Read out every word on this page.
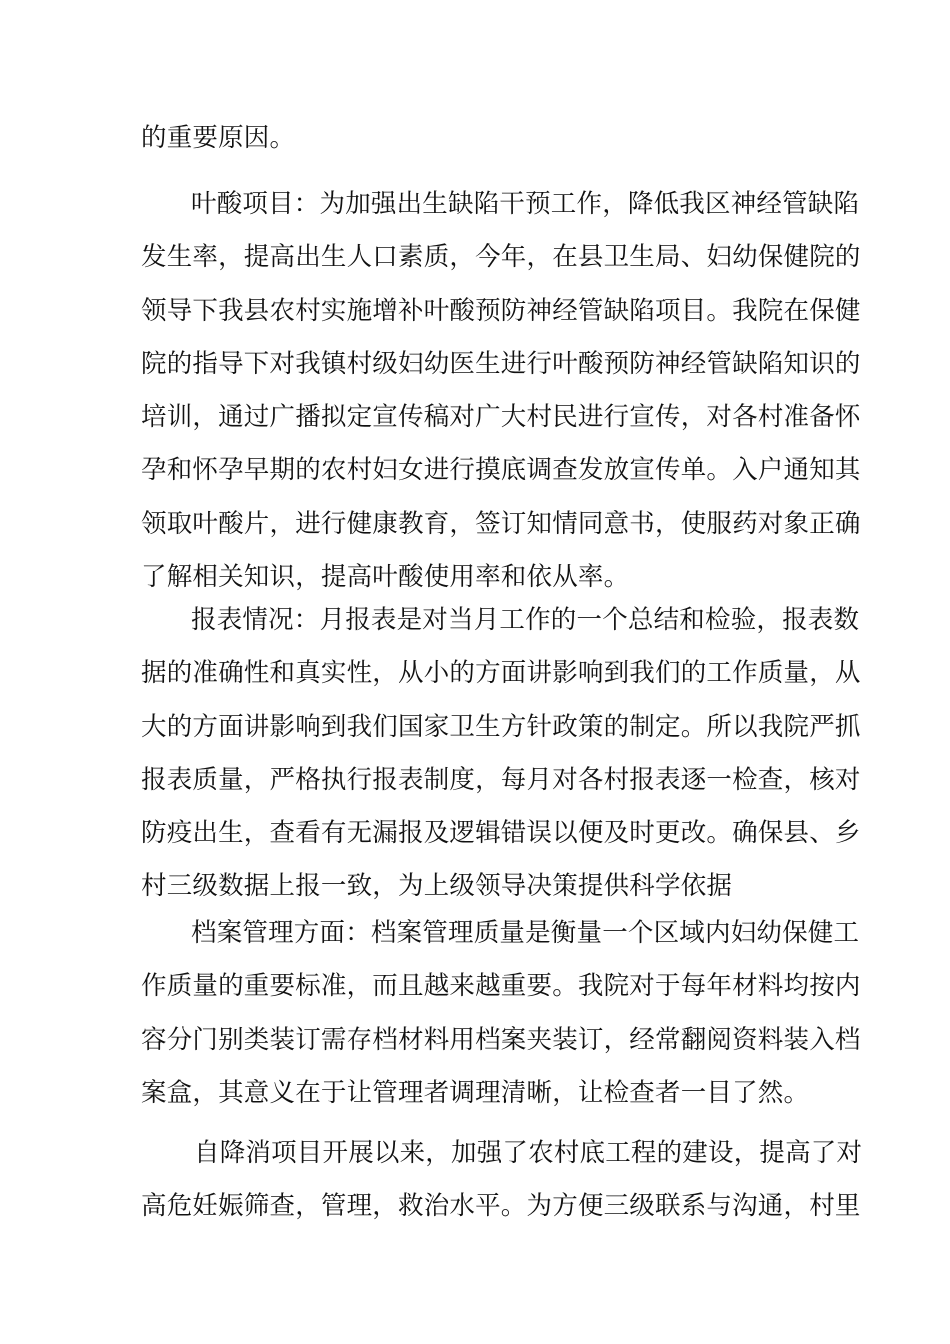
的重要原因。
叶酸项目：为加强出生缺陷干预工作，降低我区神经管缺陷
发生率，提高出生人口素质，今年，在县卫生局、妇幼保健院的
领导下我县农村实施增补叶酸预防神经管缺陷项目。我院在保健
院的指导下对我镇村级妇幼医生进行叶酸预防神经管缺陷知识的
培训，通过广播拟定宣传稿对广大村民进行宣传，对各村准备怀
孕和怀孕早期的农村妇女进行摸底调查发放宣传单。入户通知其
领取叶酸片，进行健康教育，签订知情同意书，使服药对象正确
了解相关知识，提高叶酸使用率和依从率。
报表情况：月报表是对当月工作的一个总结和检验，报表数
据的准确性和真实性，从小的方面讲影响到我们的工作质量，从
大的方面讲影响到我们国家卫生方针政策的制定。所以我院严抓
报表质量，严格执行报表制度，每月对各村报表逐一检查，核对
防疫出生，查看有无漏报及逻辑错误以便及时更改。确保县、乡
村三级数据上报一致，为上级领导决策提供科学依据
档案管理方面：档案管理质量是衡量一个区域内妇幼保健工
作质量的重要标准，而且越来越重要。我院对于每年材料均按内
容分门别类装订需存档材料用档案夹装订，经常翻阅资料装入档
案盒，其意义在于让管理者调理清晰，让检查者一目了然。
自降消项目开展以来，加强了农村底工程的建设，提高了对
高危妊娠筛查，管理，救治水平。为方便三级联系与沟通，村里
